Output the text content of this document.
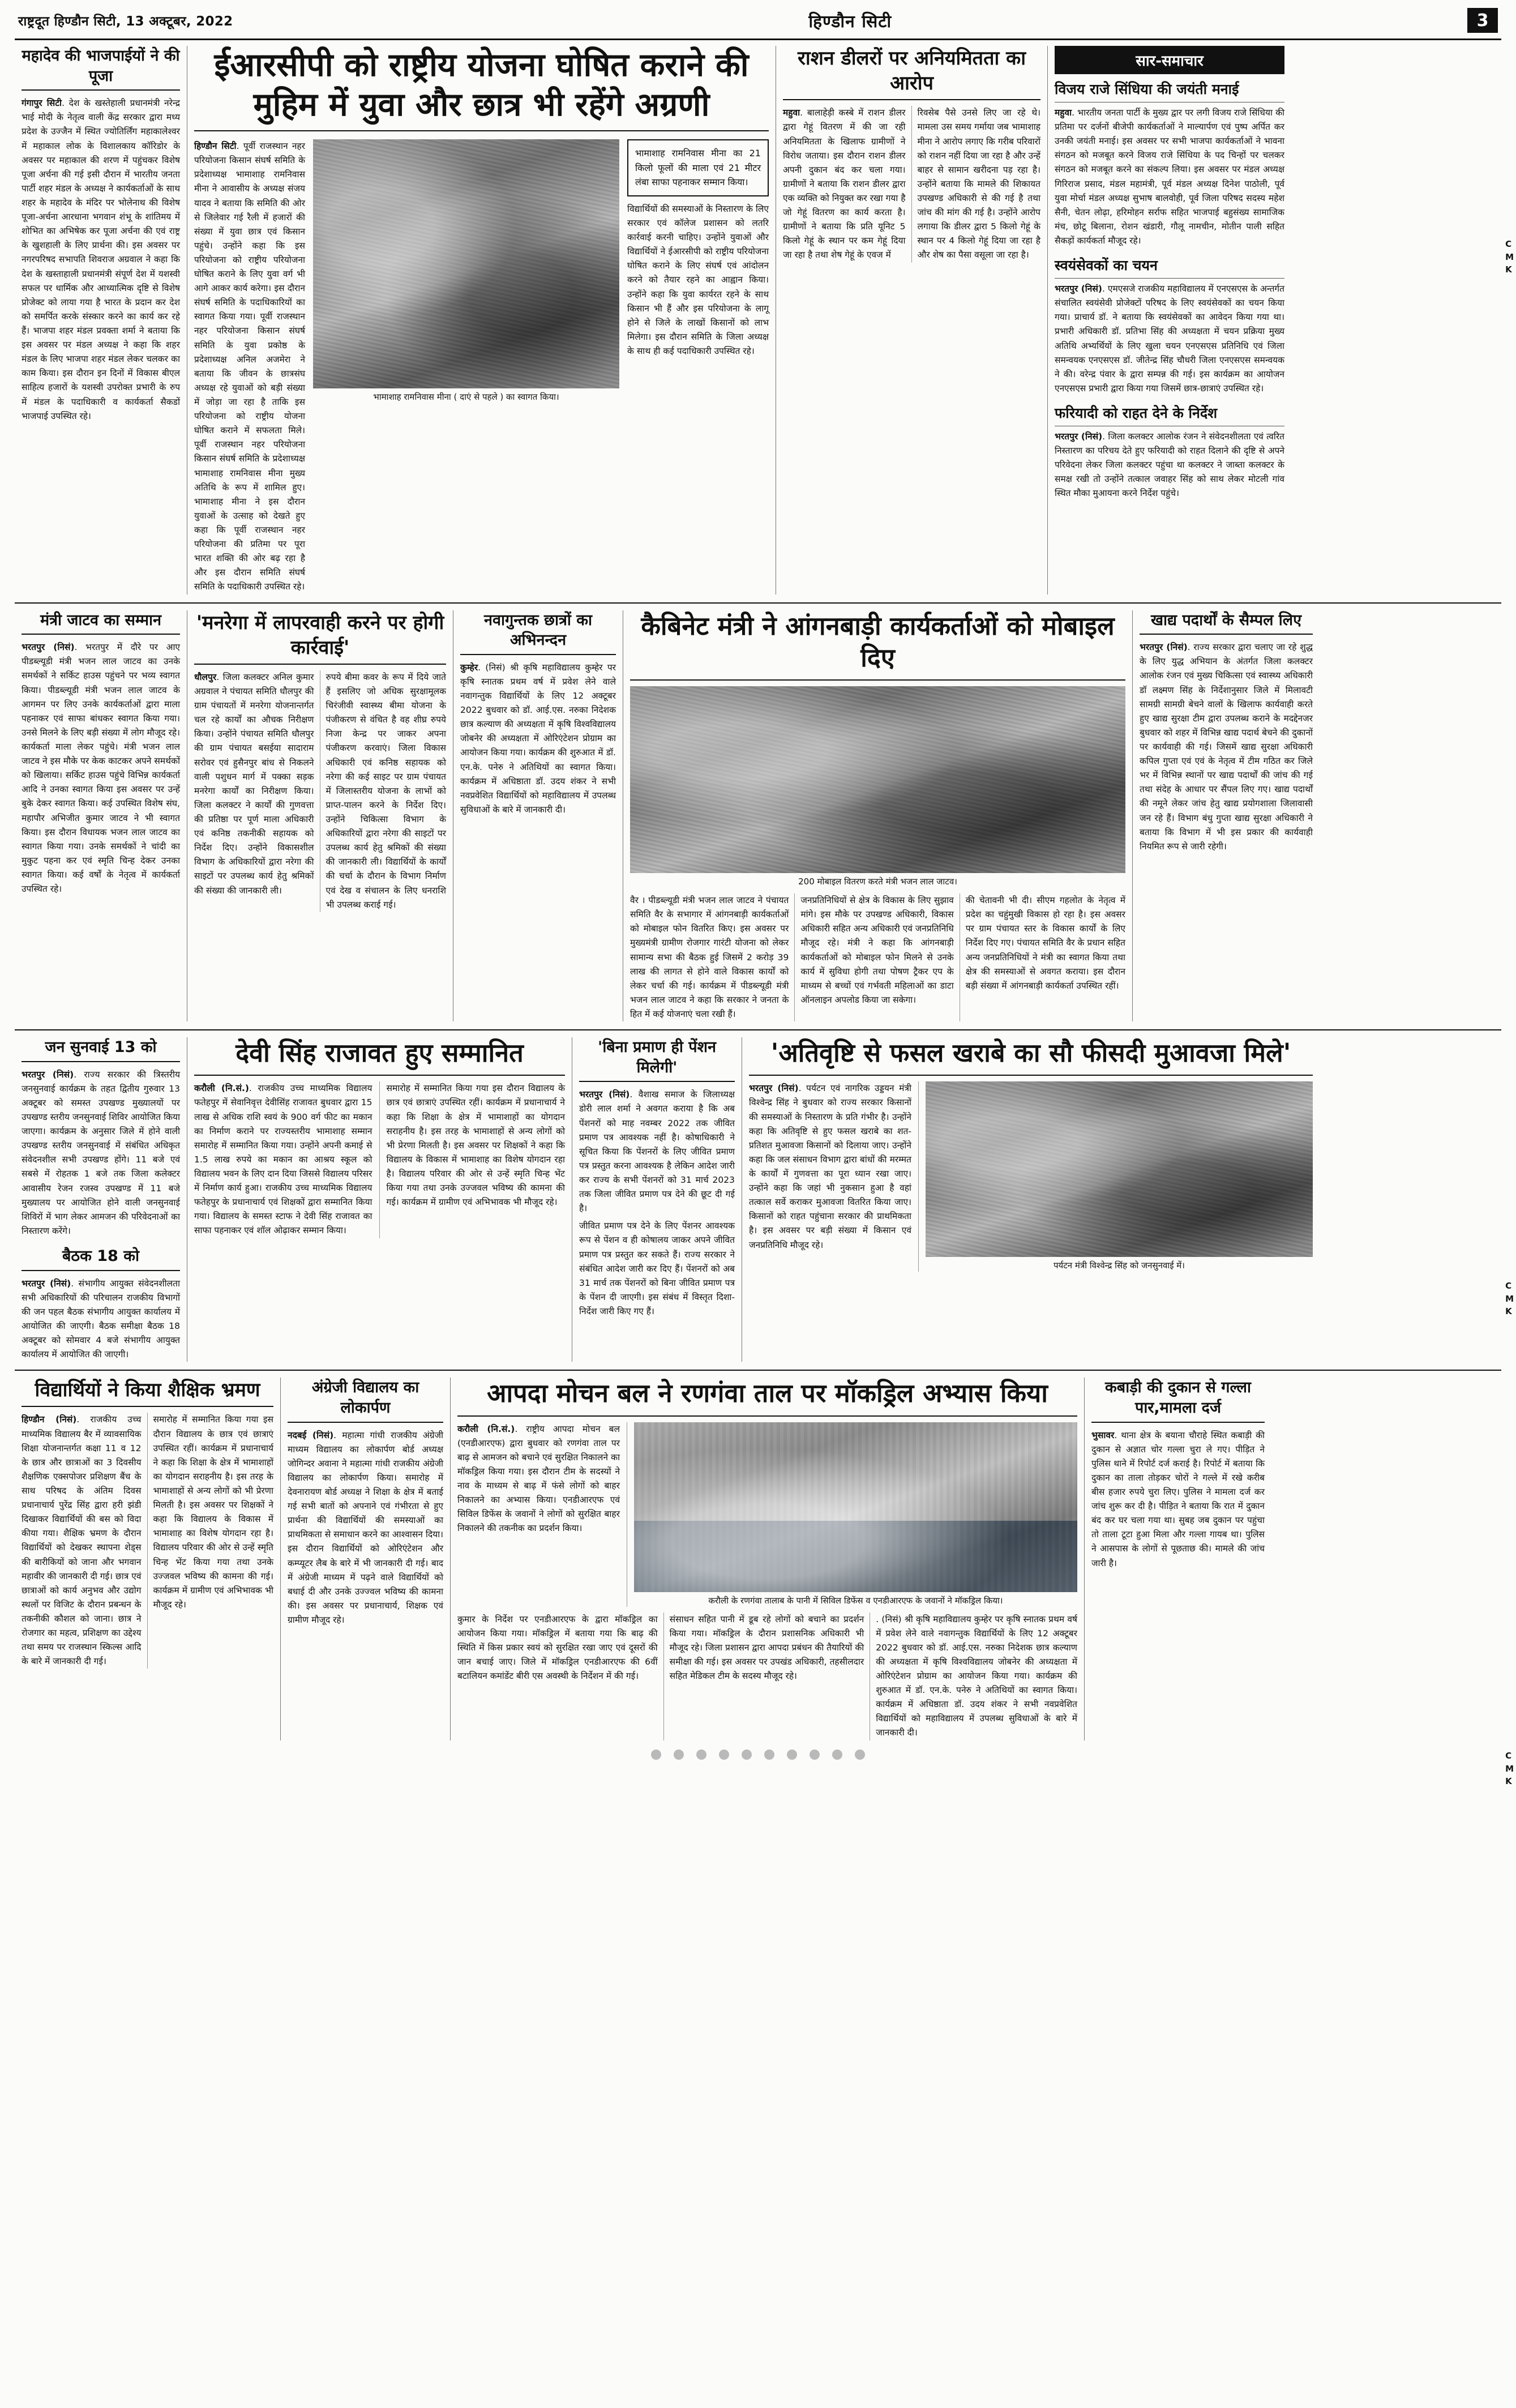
राष्ट्रदूत हिण्डौन सिटी, 13 अक्टूबर, 2022	हिण्डौन सिटी	3
C
M
K
C
M
K
C
M
K
महादेव की भाजपाईयों ने की पूजा
गंगापुर सिटी. देश के खस्तेहाली प्रधानमंत्री नरेन्द्र भाई मोदी के नेतृत्व वाली केंद्र सरकार द्वारा मध्य प्रदेश के उज्जैन में स्थित ज्योतिर्लिंग महाकालेश्वर में महाकाल लोक के विशालकाय कॉरिडोर के अवसर पर महाकाल की शरण में पहुंचकर विशेष पूजा अर्चना की गई इसी दौरान में भारतीय जनता पार्टी शहर मंडल के अध्यक्ष ने कार्यकर्ताओं के साथ शहर के महादेव के मंदिर पर भोलेनाथ की विशेष पूजा-अर्चना आरधाना भगवान शंभू के शांतिमय में शोभित का अभिषेक कर पूजा अर्चना की एवं राष्ट्र के खुशहाली के लिए प्रार्थना की। इस अवसर पर नगरपरिषद सभापति शिवराज अग्रवाल ने कहा कि देश के खस्ताहाली प्रधानमंत्री संपूर्ण देश में यशस्वी सफल पर धार्मिक और आध्यात्मिक दृष्टि से विशेष प्रोजेक्ट को लाया गया है भारत के प्रदान कर देश को समर्पित करके संस्कार करने का कार्य कर रहे हैं। भाजपा शहर मंडल प्रवक्ता शर्मा ने बताया कि इस अवसर पर मंडल अध्यक्ष ने कहा कि शहर मंडल के लिए भाजपा शहर मंडल लेकर चलकर का काम किया। इस दौरान इन दिनों में विकास बीएल साहित्य हजारों के यशस्वी उपरोक्त प्रभारी के रुप में मंडल के पदाधिकारी व कार्यकर्ता सैकडों भाजपाई उपस्थित रहे।
ईआरसीपी को राष्ट्रीय योजना घोषित कराने की मुहिम में युवा और छात्र भी रहेंगे अग्रणी
हिण्डौन सिटी. पूर्वी राजस्थान नहर परियोजना किसान संघर्ष समिति के प्रदेशाध्यक्ष भामाशाह रामनिवास मीना ने आवासीय के अध्यक्ष संजय यादव ने बताया कि समिति की ओर से जिलेवार गई रैली में हजारों की संख्या में युवा छात्र एवं किसान पहुंचे। उन्होंने कहा कि इस परियोजना को राष्ट्रीय परियोजना घोषित कराने के लिए युवा वर्ग भी आगे आकर कार्य करेगा। इस दौरान संघर्ष समिति के पदाधिकारियों का स्वागत किया गया। पूर्वी राजस्थान नहर परियोजना किसान संघर्ष समिति के युवा प्रकोष्ठ के प्रदेशाध्यक्ष अनिल अजमेरा ने बताया कि जीवन के छात्रसंघ अध्यक्ष रहे युवाओं को बड़ी संख्या में जोड़ा जा रहा है ताकि इस परियोजना को राष्ट्रीय योजना घोषित कराने में सफलता मिले। पूर्वी राजस्थान नहर परियोजना किसान संघर्ष समिति के प्रदेशाध्यक्ष भामाशाह रामनिवास मीना मुख्य अतिथि के रूप में शामिल हुए। भामाशाह मीना ने इस दौरान युवाओं के उत्साह को देखते हुए कहा कि पूर्वी राजस्थान नहर परियोजना की प्रतिमा पर पूरा भारत शक्ति की ओर बढ़ रहा है और इस दौरान समिति संघर्ष समिति के पदाधिकारी उपस्थित रहे।
भामाशाह रामनिवास मीना ( दाएं से पहले ) का स्वागत किया।
भामाशाह रामनिवास मीना का 21 किलो फूलों की माला एवं 21 मीटर लंबा साफा पहनाकर सम्मान किया।
विद्यार्थियों की समस्याओं के निस्तारण के लिए सरकार एवं कॉलेज प्रशासन को लतरि कार्रवाई करनी चाहिए। उन्होंने युवाओं और विद्यार्थियों ने ईआरसीपी को राष्ट्रीय परियोजना घोषित कराने के लिए संघर्ष एवं आंदोलन करने को तैयार रहने का आह्वान किया। उन्होंने कहा कि युवा कार्यरत रहने के साथ किसान भी हैं और इस परियोजना के लागू होने से जिले के लाखों किसानों को लाभ मिलेगा। इस दौरान समिति के जिला अध्यक्ष के साथ ही कई पदाधिकारी उपस्थित रहे।
राशन डीलरों पर अनियमितता का आरोप
महुवा. बालाहेड़ी कस्बे में राशन डीलर द्वारा गेहूं वितरण में की जा रही अनियमितता के खिलाफ ग्रामीणों ने विरोध जताया। इस दौरान राशन डीलर अपनी दुकान बंद कर चला गया। ग्रामीणों ने बताया कि राशन डीलर द्वारा एक व्यक्ति को नियुक्त कर रखा गया है जो गेहूं वितरण का कार्य करता है। ग्रामीणों ने बताया कि प्रति यूनिट 5 किलो गेहूं के स्थान पर कम गेहूं दिया जा रहा है तथा शेष गेहूं के एवज में
रिवसेब पैसे उनसे लिए जा रहे थे। मामला उस समय गर्माया जब भामाशाह मीना ने आरोप लगाए कि गरीब परिवारों को राशन नहीं दिया जा रहा है और उन्हें बाहर से सामान खरीदना पड़ रहा है। उन्होंने बताया कि मामले की शिकायत उपखण्ड अधिकारी से की गई है तथा जांच की मांग की गई है। उन्होंने आरोप लगाया कि डीलर द्वारा 5 किलो गेहूं के स्थान पर 4 किलो गेहूं दिया जा रहा है और शेष का पैसा वसूला जा रहा है।
सार-समाचार
विजय राजे सिंधिया की जयंती मनाई
महुवा. भारतीय जनता पार्टी के मुख्य द्वार पर लगी विजय राजे सिंधिया की प्रतिमा पर दर्जनों बीजेपी कार्यकर्ताओं ने माल्यार्पण एवं पुष्प अर्पित कर उनकी जयंती मनाई। इस अवसर पर सभी भाजपा कार्यकर्ताओं ने भावना संगठन को मजबूत करने विजय राजे सिंधिया के पद चिन्हों पर चलकर संगठन को मजबूत करने का संकल्प लिया। इस अवसर पर मंडल अध्यक्ष गिरिराज प्रसाद, मंडल महामंत्री, पूर्व मंडल अध्यक्ष दिनेश पाठोली, पूर्व युवा मोर्चा मंडल अध्यक्ष सुभाष बालवोही, पूर्व जिला परिषद सदस्य महेश सैनी, चेतन लोढ़ा, हरिमोहन सर्राफ सहित भाजपाई बहुसंख्य सामाजिक मंच, छोटू बिलाना, रोशन खंडारी, गौलू नामचीन, मोतीन पाली सहित सैकड़ों कार्यकर्ता मौजूद रहे।
स्वयंसेवकों का चयन
भरतपुर (निसं). एमएसजे राजकीय महाविद्यालय में एनएसएस के अन्तर्गत संचालित स्वयंसेवी प्रोजेक्टों परिषद के लिए स्वयंसेवकों का चयन किया गया। प्राचार्य डॉ. ने बताया कि स्वयंसेवकों का आवेदन किया गया था। प्रभारी अधिकारी डॉ. प्रतिभा सिंह की अध्यक्षता में चयन प्रक्रिया मुख्य अतिथि अभ्यर्थियों के लिए खुला चयन एनएसएस प्रतिनिधि एवं जिला समन्वयक एनएसएस डॉ. जीतेन्द्र सिंह चौधरी जिला एनएसएस समन्वयक ने की। वरेन्द्र पंवार के द्वारा सम्पन्न की गई। इस कार्यक्रम का आयोजन एनएसएस प्रभारी द्वारा किया गया जिसमें छात्र-छात्राएं उपस्थित रहे।
फरियादी को राहत देने के निर्देश
भरतपुर (निसं). जिला कलक्टर आलोक रंजन ने संवेदनशीलता एवं त्वरित निस्तारण का परिचय देते हुए फरियादी को राहत दिलाने की दृष्टि से अपने परिवेदना लेकर जिला कलक्टर पहुंचा था कलक्टर ने जाब्ता कलक्टर के समक्ष रखी तो उन्होंने तत्काल जवाहर सिंह को साथ लेकर मोटली गांव स्थित मौका मुआयना करने निर्देश पहुंचे।
मंत्री जाटव का सम्मान
भरतपुर (निसं). भरतपुर में दौरे पर आए पीडब्ल्यूडी मंत्री भजन लाल जाटव का उनके समर्थकों ने सर्किट हाउस पहुंचने पर भव्य स्वागत किया। पीडब्ल्यूडी मंत्री भजन लाल जाटव के आगमन पर लिए उनके कार्यकर्ताओं द्वारा माला पहनाकर एवं साफा बांधकर स्वागत किया गया। उनसे मिलने के लिए बड़ी संख्या में लोग मौजूद रहे। कार्यकर्ता माला लेकर पहुंचे। मंत्री भजन लाल जाटव ने इस मौके पर केक काटकर अपने समर्थकों को खिलाया। सर्किट हाउस पहुंचे विभिन्न कार्यकर्ता आदि ने उनका स्वागत किया इस अवसर पर उन्हें बुके देकर स्वागत किया। कई उपस्थित विशेष संघ, महापौर अभिजीत कुमार जाटव ने भी स्वागत किया। इस दौरान विधायक भजन लाल जाटव का स्वागत किया गया। उनके समर्थकों ने चांदी का मुकुट पहना कर एवं स्मृति चिन्ह देकर उनका स्वागत किया। कई वर्षों के नेतृत्व में कार्यकर्ता उपस्थित रहे।
'मनरेगा में लापरवाही करने पर होगी कार्रवाई'
धौलपुर. जिला कलक्टर अनिल कुमार अग्रवाल ने पंचायत समिति धौलपुर की ग्राम पंचायतों में मनरेगा योजनान्तर्गत चल रहे कार्यों का औचक निरीक्षण किया। उन्होंने पंचायत समिति धौलपुर की ग्राम पंचायत बसईया सादाराम सरोवर एवं हुसैनपुर बांध से निकलने वाली पशुधन मार्ग में पक्का सड़क मनरेगा कार्यों का निरीक्षण किया। जिला कलक्टर ने कार्यों की गुणवत्ता की प्रतिष्ठा पर पूर्ण माला अधिकारी एवं कनिष्ठ तकनीकी सहायक को निर्देश दिए। उन्होंने विकासशील विभाग के अधिकारियों द्वारा नरेगा की साइटों पर उपलब्ध कार्य हेतु श्रमिकों की संख्या की जानकारी ली।
रुपये बीमा कवर के रूप में दिये जाते हैं इसलिए जो अधिक सुरक्षामूलक चिरंजीवी स्वास्थ्य बीमा योजना के पंजीकरण से वंचित है वह शीघ्र रुपये निजा केन्द्र पर जाकर अपना पंजीकरण करवाएं। जिला विकास अधिकारी एवं कनिष्ठ सहायक को नरेगा की कई साइट पर ग्राम पंचायत में जिलास्तरीय योजना के लाभों को प्राप्त-पालन करने के निर्देश दिए। उन्होंने चिकित्सा विभाग के अधिकारियों द्वारा नरेगा की साइटों पर उपलब्ध कार्य हेतु श्रमिकों की संख्या की जानकारी ली। विद्यार्थियों के कार्यों की चर्चा के दौरान के विभाग निर्माण एवं देख व संचालन के लिए धनराशि भी उपलब्ध कराई गई।
नवागुन्तक छात्रों का अभिनन्दन
कुम्हेर. (निसं) श्री कृषि महाविद्यालय कुम्हेर पर कृषि स्नातक प्रथम वर्ष में प्रवेश लेने वाले नवागन्तुक विद्यार्थियों के लिए 12 अक्टूबर 2022 बुधवार को डॉ. आई.एस. नरुका निदेशक छात्र कल्याण की अध्यक्षता में कृषि विश्वविद्यालय जोबनेर की अध्यक्षता में ओरिएंटेशन प्रोग्राम का आयोजन किया गया। कार्यक्रम की शुरुआत में डॉ. एन.के. पनेरु ने अतिथियों का स्वागत किया। कार्यक्रम में अधिष्ठाता डॉ. उदय शंकर ने सभी नवप्रवेशित विद्यार्थियों को महाविद्यालय में उपलब्ध सुविधाओं के बारे में जानकारी दी।
कैबिनेट मंत्री ने आंगनबाड़ी कार्यकर्ताओं को मोबाइल दिए
200 मोबाइल वितरण करते मंत्री भजन लाल जाटव।
वैर । पीडब्ल्यूडी मंत्री भजन लाल जाटव ने पंचायत समिति वैर के सभागार में आंगनबाड़ी कार्यकर्ताओं को मोबाइल फोन वितरित किए। इस अवसर पर मुख्यमंत्री ग्रामीण रोजगार गारंटी योजना को लेकर सामान्य सभा की बैठक हुई जिसमें 2 करोड़ 39 लाख की लागत से होने वाले विकास कार्यों को लेकर चर्चा की गई। कार्यक्रम में पीडब्ल्यूडी मंत्री भजन लाल जाटव ने कहा कि सरकार ने जनता के हित में कई योजनाएं चला रखी हैं।
जनप्रतिनिधियों से क्षेत्र के विकास के लिए सुझाव मांगे। इस मौके पर उपखण्ड अधिकारी, विकास अधिकारी सहित अन्य अधिकारी एवं जनप्रतिनिधि मौजूद रहे। मंत्री ने कहा कि आंगनबाड़ी कार्यकर्ताओं को मोबाइल फोन मिलने से उनके कार्य में सुविधा होगी तथा पोषण ट्रैकर एप के माध्यम से बच्चों एवं गर्भवती महिलाओं का डाटा ऑनलाइन अपलोड किया जा सकेगा।
की चेतावनी भी दी। सीएम गहलोत के नेतृत्व में प्रदेश का चहुंमुखी विकास हो रहा है। इस अवसर पर ग्राम पंचायत स्तर के विकास कार्यों के लिए निर्देश दिए गए। पंचायत समिति वैर के प्रधान सहित अन्य जनप्रतिनिधियों ने मंत्री का स्वागत किया तथा क्षेत्र की समस्याओं से अवगत कराया। इस दौरान बड़ी संख्या में आंगनबाड़ी कार्यकर्ता उपस्थित रहीं।
खाद्य पदार्थों के सैम्पल लिए
भरतपुर (निसं). राज्य सरकार द्वारा चलाए जा रहे शुद्ध के लिए युद्ध अभियान के अंतर्गत जिला कलक्टर आलोक रंजन एवं मुख्य चिकित्सा एवं स्वास्थ्य अधिकारी डॉ लक्ष्मण सिंह के निर्देशानुसार जिले में मिलावटी सामग्री सामग्री बेचने वालों के खिलाफ कार्यवाही करते हुए खाद्य सुरक्षा टीम द्वारा उपलब्ध कराने के मदद्देनजर बुधवार को शहर में विभिन्न खाद्य पदार्थ बेचने की दुकानों पर कार्यवाही की गई। जिसमें खाद्य सुरक्षा अधिकारी कपिल गुप्ता एवं एवं के नेतृत्व में टीम गठित कर जिले भर में विभिन्न स्थानों पर खाद्य पदार्थों की जांच की गई तथा संदेह के आधार पर सैंपल लिए गए। खाद्य पदार्थों की नमूने लेकर जांच हेतु खाद्य प्रयोगशाला जिलावासी जन रहे हैं। विभाग बंधु गुप्ता खाद्य सुरक्षा अधिकारी ने बताया कि विभाग में भी इस प्रकार की कार्यवाही नियमित रूप से जारी रहेगी।
जन सुनवाई 13 को
भरतपुर (निसं). राज्य सरकार की त्रिस्तरीय जनसुनवाई कार्यक्रम के तहत द्वितीय गुरुवार 13 अक्टूबर को समस्त उपखण्ड मुख्यालयों पर उपखण्ड स्तरीय जनसुनवाई शिविर आयोजित किया जाएगा। कार्यक्रम के अनुसार जिले में होने वाली उपखण्ड स्तरीय जनसुनवाई में संबंधित अधिकृत संवेदनशील सभी उपखण्ड होंगे। 11 बजे एवं सबसे में रोहतक 1 बजे तक जिला कलेक्टर आवासीय रेजन रजस्व उपखण्ड में 11 बजे मुख्यालय पर आयोजित होने वाली जनसुनवाई शिविरों में भाग लेकर आमजन की परिवेदनाओं का निस्तारण करेंगे।
बैठक 18 को
भरतपुर (निसं). संभागीय आयुक्त संवेदनशीलता सभी अधिकारियों की परिचालन राजकीय विभागों की जन पहल बैठक संभागीय आयुक्त कार्यालय में आयोजित की जाएगी। बैठक समीक्षा बैठक 18 अक्टूबर को सोमवार 4 बजे संभागीय आयुक्त कार्यालय में आयोजित की जाएगी।
देवी सिंह राजावत हुए सम्मानित
करौली (नि.सं.). राजकीय उच्च माध्यमिक विद्यालय फतेहपुर में सेवानिवृत्त देवीसिंह राजावत बुधवार द्वारा 15 लाख से अधिक राशि स्वयं के 900 वर्ग फीट का मकान का निर्माण कराने पर राज्यस्तरीय भामाशाह सम्मान समारोह में सम्मानित किया गया। उन्होंने अपनी कमाई से 1.5 लाख रुपये का मकान का आश्रय स्कूल को विद्यालय भवन के लिए दान दिया जिससे विद्यालय परिसर में निर्माण कार्य हुआ। राजकीय उच्च माध्यमिक विद्यालय फतेहपुर के प्रधानाचार्य एवं शिक्षकों द्वारा सम्मानित किया गया। विद्यालय के समस्त स्टाफ ने देवी सिंह राजावत का साफा पहनाकर एवं शॉल ओढ़ाकर सम्मान किया।
समारोह में सम्मानित किया गया इस दौरान विद्यालय के छात्र एवं छात्राएं उपस्थित रहीं। कार्यक्रम में प्रधानाचार्य ने कहा कि शिक्षा के क्षेत्र में भामाशाहों का योगदान सराहनीय है। इस तरह के भामाशाहों से अन्य लोगों को भी प्रेरणा मिलती है। इस अवसर पर शिक्षकों ने कहा कि विद्यालय के विकास में भामाशाह का विशेष योगदान रहा है। विद्यालय परिवार की ओर से उन्हें स्मृति चिन्ह भेंट किया गया तथा उनके उज्जवल भविष्य की कामना की गई। कार्यक्रम में ग्रामीण एवं अभिभावक भी मौजूद रहे।
'बिना प्रमाण ही पेंशन मिलेगी'
भरतपुर (निसं). वैशाख समाज के जिलाध्यक्ष डोरी लाल शर्मा ने अवगत कराया है कि अब पेंशनरों को माह नवम्बर 2022 तक जीवित प्रमाण पत्र आवश्यक नहीं है। कोषाधिकारी ने सूचित किया कि पेंशनरों के लिए जीवित प्रमाण पत्र प्रस्तुत करना आवश्यक है लेकिन आदेश जारी कर राज्य के सभी पेंशनरों को 31 मार्च 2023 तक जिला जीवित प्रमाण पत्र देने की छूट दी गई है।
जीवित प्रमाण पत्र देने के लिए पेंशनर आवश्यक रूप से पेंशन व ही कोषालय जाकर अपने जीवित प्रमाण पत्र प्रस्तुत कर सकते हैं। राज्य सरकार ने संबंधित आदेश जारी कर दिए हैं। पेंशनरों को अब 31 मार्च तक पेंशनरों को बिना जीवित प्रमाण पत्र के पेंशन दी जाएगी। इस संबंध में विस्तृत दिशा-निर्देश जारी किए गए हैं।
'अतिवृष्टि से फसल खराबे का सौ फीसदी मुआवजा मिले'
भरतपुर (निसं). पर्यटन एवं नागरिक उड्डयन मंत्री विश्वेन्द्र सिंह ने बुधवार को राज्य सरकार किसानों की समस्याओं के निस्तारण के प्रति गंभीर है। उन्होंने कहा कि अतिवृष्टि से हुए फसल खराबे का शत-प्रतिशत मुआवजा किसानों को दिलाया जाए। उन्होंने कहा कि जल संसाधन विभाग द्वारा बांधों की मरम्मत के कार्यों में गुणवत्ता का पूरा ध्यान रखा जाए। उन्होंने कहा कि जहां भी नुकसान हुआ है वहां तत्काल सर्वे कराकर मुआवजा वितरित किया जाए। किसानों को राहत पहुंचाना सरकार की प्राथमिकता है। इस अवसर पर बड़ी संख्या में किसान एवं जनप्रतिनिधि मौजूद रहे।
पर्यटन मंत्री विश्वेन्द्र सिंह को जनसुनवाई में।
विद्यार्थियों ने किया शैक्षिक भ्रमण
हिण्डौन (निसं). राजकीय उच्च माध्यमिक विद्यालय बैर में व्यावसायिक शिक्षा योजनान्तर्गत कक्षा 11 व 12 के छात्र और छात्राओं का 3 दिवसीय शैक्षणिक एक्सपोजर प्रशिक्षण बैंच के साथ परिषद के अंतिम दिवस प्रधानाचार्य पुरेंद्र सिंह द्वारा हरी झंडी दिखाकर विद्यार्थियों की बस को विदा कीया गया। शैक्षिक भ्रमण के दौरान विद्यार्थियों को देखकर स्थापना शेड्स की बारीकियों को जाना और भगवान महावीर की जानकारी दी गई। छात्र एवं छात्राओं को कार्य अनुभव और उद्योग स्थलों पर विजिट के दौरान प्रबन्धन के तकनीकी कौशल को जाना। छात्र ने रोजगार का महत्व, प्रशिक्षण का उद्देश्य तथा समय पर राजस्थान स्किल्स आदि के बारे में जानकारी दी गई।
समारोह में सम्मानित किया गया इस दौरान विद्यालय के छात्र एवं छात्राएं उपस्थित रहीं। कार्यक्रम में प्रधानाचार्य ने कहा कि शिक्षा के क्षेत्र में भामाशाहों का योगदान सराहनीय है। इस तरह के भामाशाहों से अन्य लोगों को भी प्रेरणा मिलती है। इस अवसर पर शिक्षकों ने कहा कि विद्यालय के विकास में भामाशाह का विशेष योगदान रहा है। विद्यालय परिवार की ओर से उन्हें स्मृति चिन्ह भेंट किया गया तथा उनके उज्जवल भविष्य की कामना की गई। कार्यक्रम में ग्रामीण एवं अभिभावक भी मौजूद रहे।
अंग्रेजी विद्यालय का लोकार्पण
नदबई (निसं). महात्मा गांधी राजकीय अंग्रेजी माध्यम विद्यालय का लोकार्पण बोर्ड अध्यक्ष जोगिन्दर अवाना ने महात्मा गांधी राजकीय अंग्रेजी विद्यालय का लोकार्पण किया। समारोह में देवनारायण बोर्ड अध्यक्ष ने शिक्षा के क्षेत्र में बताई गई सभी बातों को अपनाने एवं गंभीरता से हुए प्रार्थना की विद्यार्थियों की समस्याओं का प्राथमिकता से समाधान करने का आश्वासन दिया। इस दौरान विद्यार्थियों को ओरिएंटेशन और कम्प्यूटर लैब के बारे में भी जानकारी दी गई। बाद में अंग्रेजी माध्यम में पढ़ने वाले विद्यार्थियों को बधाई दी और उनके उज्ज्वल भविष्य की कामना की। इस अवसर पर प्रधानाचार्य, शिक्षक एवं ग्रामीण मौजूद रहे।
आपदा मोचन बल ने रणगंवा ताल पर मॉकड्रिल अभ्यास किया
करौली (नि.सं.). राष्ट्रीय आपदा मोचन बल (एनडीआरएफ) द्वारा बुधवार को रणगंवा ताल पर बाढ़ से आमजन को बचाने एवं सुरक्षित निकालने का मॉकड्रिल किया गया। इस दौरान टीम के सदस्यों ने नाव के माध्यम से बाढ़ में फंसे लोगों को बाहर निकालने का अभ्यास किया। एनडीआरएफ एवं सिविल डिफेंस के जवानों ने लोगों को सुरक्षित बाहर निकालने की तकनीक का प्रदर्शन किया।
करौली के रणगंवा तालाब के पानी में सिविल डिफेंस व एनडीआरएफ के जवानों ने मॉकड्रिल किया।
कुमार के निर्देश पर एनडीआरएफ के द्वारा मॉकड्रिल का आयोजन किया गया। मॉकड्रिल में बताया गया कि बाढ़ की स्थिति में किस प्रकार स्वयं को सुरक्षित रखा जाए एवं दूसरों की जान बचाई जाए। जिले में मॉकड्रिल एनडीआरएफ की 6वीं बटालियन कमांडेंट बीरी एस अवस्थी के निर्देशन में की गई।
संसाधन सहित पानी में डूब रहे लोगों को बचाने का प्रदर्शन किया गया। मॉकड्रिल के दौरान प्रशासनिक अधिकारी भी मौजूद रहे। जिला प्रशासन द्वारा आपदा प्रबंधन की तैयारियों की समीक्षा की गई। इस अवसर पर उपखंड अधिकारी, तहसीलदार सहित मेडिकल टीम के सदस्य मौजूद रहे।
. (निसं) श्री कृषि महाविद्यालय कुम्हेर पर कृषि स्नातक प्रथम वर्ष में प्रवेश लेने वाले नवागन्तुक विद्यार्थियों के लिए 12 अक्टूबर 2022 बुधवार को डॉ. आई.एस. नरुका निदेशक छात्र कल्याण की अध्यक्षता में कृषि विश्वविद्यालय जोबनेर की अध्यक्षता में ओरिएंटेशन प्रोग्राम का आयोजन किया गया। कार्यक्रम की शुरुआत में डॉ. एन.के. पनेरु ने अतिथियों का स्वागत किया। कार्यक्रम में अधिष्ठाता डॉ. उदय शंकर ने सभी नवप्रवेशित विद्यार्थियों को महाविद्यालय में उपलब्ध सुविधाओं के बारे में जानकारी दी।
कबाड़ी की दुकान से गल्ला पार,मामला दर्ज
भुसावर. थाना क्षेत्र के बयाना चौराहे स्थित कबाड़ी की दुकान से अज्ञात चोर गल्ला चुरा ले गए। पीड़ित ने पुलिस थाने में रिपोर्ट दर्ज कराई है। रिपोर्ट में बताया कि दुकान का ताला तोड़कर चोरों ने गल्ले में रखे करीब बीस हजार रुपये चुरा लिए। पुलिस ने मामला दर्ज कर जांच शुरू कर दी है। पीड़ित ने बताया कि रात में दुकान बंद कर घर चला गया था। सुबह जब दुकान पर पहुंचा तो ताला टूटा हुआ मिला और गल्ला गायब था। पुलिस ने आसपास के लोगों से पूछताछ की। मामले की जांच जारी है।
